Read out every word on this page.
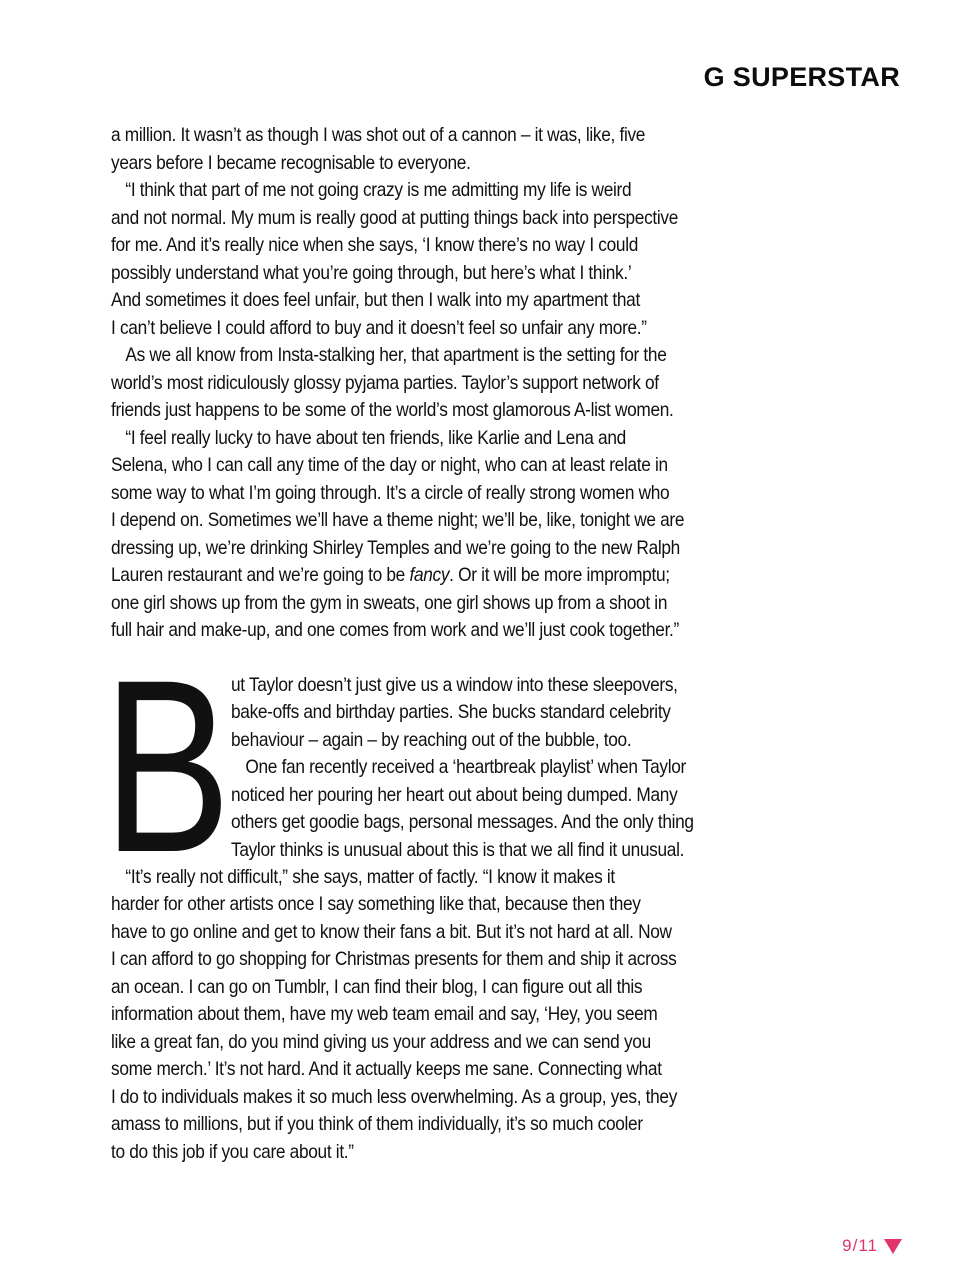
G SUPERSTAR
a million. It wasn’t as though I was shot out of a cannon – it was, like, five
years before I became recognisable to everyone.
“I think that part of me not going crazy is me admitting my life is weird
and not normal. My mum is really good at putting things back into perspective
for me. And it’s really nice when she says, ‘I know there’s no way I could
possibly understand what you’re going through, but here’s what I think.’
And sometimes it does feel unfair, but then I walk into my apartment that
I can’t believe I could afford to buy and it doesn’t feel so unfair any more.”
As we all know from Insta-stalking her, that apartment is the setting for the
world’s most ridiculously glossy pyjama parties. Taylor’s support network of
friends just happens to be some of the world’s most glamorous A-list women.
“I feel really lucky to have about ten friends, like Karlie and Lena and
Selena, who I can call any time of the day or night, who can at least relate in
some way to what I’m going through. It’s a circle of really strong women who
I depend on. Sometimes we’ll have a theme night; we’ll be, like, tonight we are
dressing up, we’re drinking Shirley Temples and we’re going to the new Ralph
Lauren restaurant and we’re going to be fancy. Or it will be more impromptu;
one girl shows up from the gym in sweats, one girl shows up from a shoot in
full hair and make-up, and one comes from work and we’ll just cook together.”
B ut Taylor doesn’t just give us a window into these sleepovers,
bake-offs and birthday parties. She bucks standard celebrity
behaviour – again – by reaching out of the bubble, too.
One fan recently received a ‘heartbreak playlist’ when Taylor
noticed her pouring her heart out about being dumped. Many
others get goodie bags, personal messages. And the only thing
Taylor thinks is unusual about this is that we all find it unusual.
“It’s really not difficult,” she says, matter of factly. “I know it makes it
harder for other artists once I say something like that, because then they
have to go online and get to know their fans a bit. But it’s not hard at all. Now
I can afford to go shopping for Christmas presents for them and ship it across
an ocean. I can go on Tumblr, I can find their blog, I can figure out all this
information about them, have my web team email and say, ‘Hey, you seem
like a great fan, do you mind giving us your address and we can send you
some merch.’ It’s not hard. And it actually keeps me sane. Connecting what
I do to individuals makes it so much less overwhelming. As a group, yes, they
amass to millions, but if you think of them individually, it’s so much cooler
to do this job if you care about it.”
9/11
